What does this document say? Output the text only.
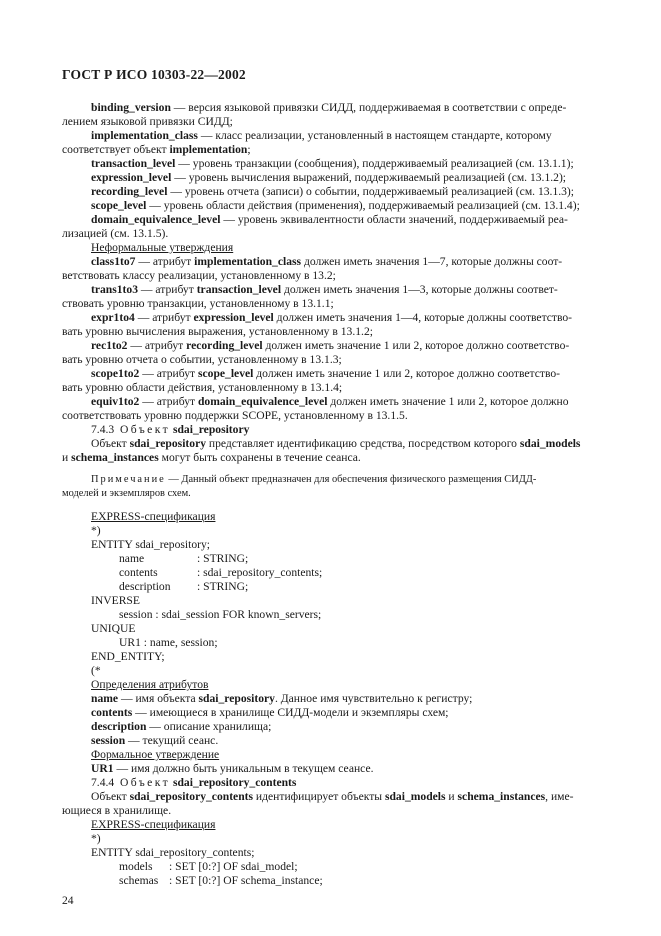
ГОСТ Р ИСО 10303-22—2002
binding_version — версия языковой привязки СИДД, поддерживаемая в соответствии с опреде-
лением языковой привязки СИДД;
implementation_class — класс реализации, установленный в настоящем стандарте, которому
соответствует объект implementation;
transaction_level — уровень транзакции (сообщения), поддерживаемый реализацией (см. 13.1.1);
expression_level — уровень вычисления выражений, поддерживаемый реализацией (см. 13.1.2);
recording_level — уровень отчета (записи) о событии, поддерживаемый реализацией (см. 13.1.3);
scope_level — уровень области действия (применения), поддерживаемый реализацией (см. 13.1.4);
domain_equivalence_level — уровень эквивалентности области значений, поддерживаемый реа-
лизацией (см. 13.1.5).
Неформальные утверждения
class1to7 — атрибут implementation_class должен иметь значения 1—7, которые должны соот-
ветствовать классу реализации, установленному в 13.2;
trans1to3 — атрибут transaction_level должен иметь значения 1—3, которые должны соответ-
ствовать уровню транзакции, установленному в 13.1.1;
expr1to4 — атрибут expression_level должен иметь значения 1—4, которые должны соответство-
вать уровню вычисления выражения, установленному в 13.1.2;
rec1to2 — атрибут recording_level должен иметь значение 1 или 2, которое должно соответство-
вать уровню отчета о событии, установленному в 13.1.3;
scope1to2 — атрибут scope_level должен иметь значение 1 или 2, которое должно соответство-
вать уровню области действия, установленному в 13.1.4;
equiv1to2 — атрибут domain_equivalence_level должен иметь значение 1 или 2, которое должно
соответствовать уровню поддержки SCOPE, установленному в 13.1.5.
7.4.3 Объект sdai_repository
Объект sdai_repository представляет идентификацию средства, посредством которого sdai_models
и schema_instances могут быть сохранены в течение сеанса.
Примечание — Данный объект предназначен для обеспечения физического размещения СИДД-
моделей и экземпляров схем.
EXPRESS-спецификация
*)
ENTITY sdai_repository;
name	: STRING;
contents	: sdai_repository_contents;
description : STRING;
INVERSE
session : sdai_session FOR known_servers;
UNIQUE
UR1 : name, session;
END_ENTITY;
(*
Определения атрибутов
name — имя объекта sdai_repository. Данное имя чувствительно к регистру;
contents — имеющиеся в хранилище СИДД-модели и экземпляры схем;
description — описание хранилища;
session — текущий сеанс.
Формальное утверждение
UR1 — имя должно быть уникальным в текущем сеансе.
7.4.4 Объект sdai_repository_contents
Объект sdai_repository_contents идентифицирует объекты sdai_models и schema_instances, име-
ющиеся в хранилище.
EXPRESS-спецификация
*)
ENTITY sdai_repository_contents;
models : SET [0:?] OF sdai_model;
schemas : SET [0:?] OF schema_instance;
24
